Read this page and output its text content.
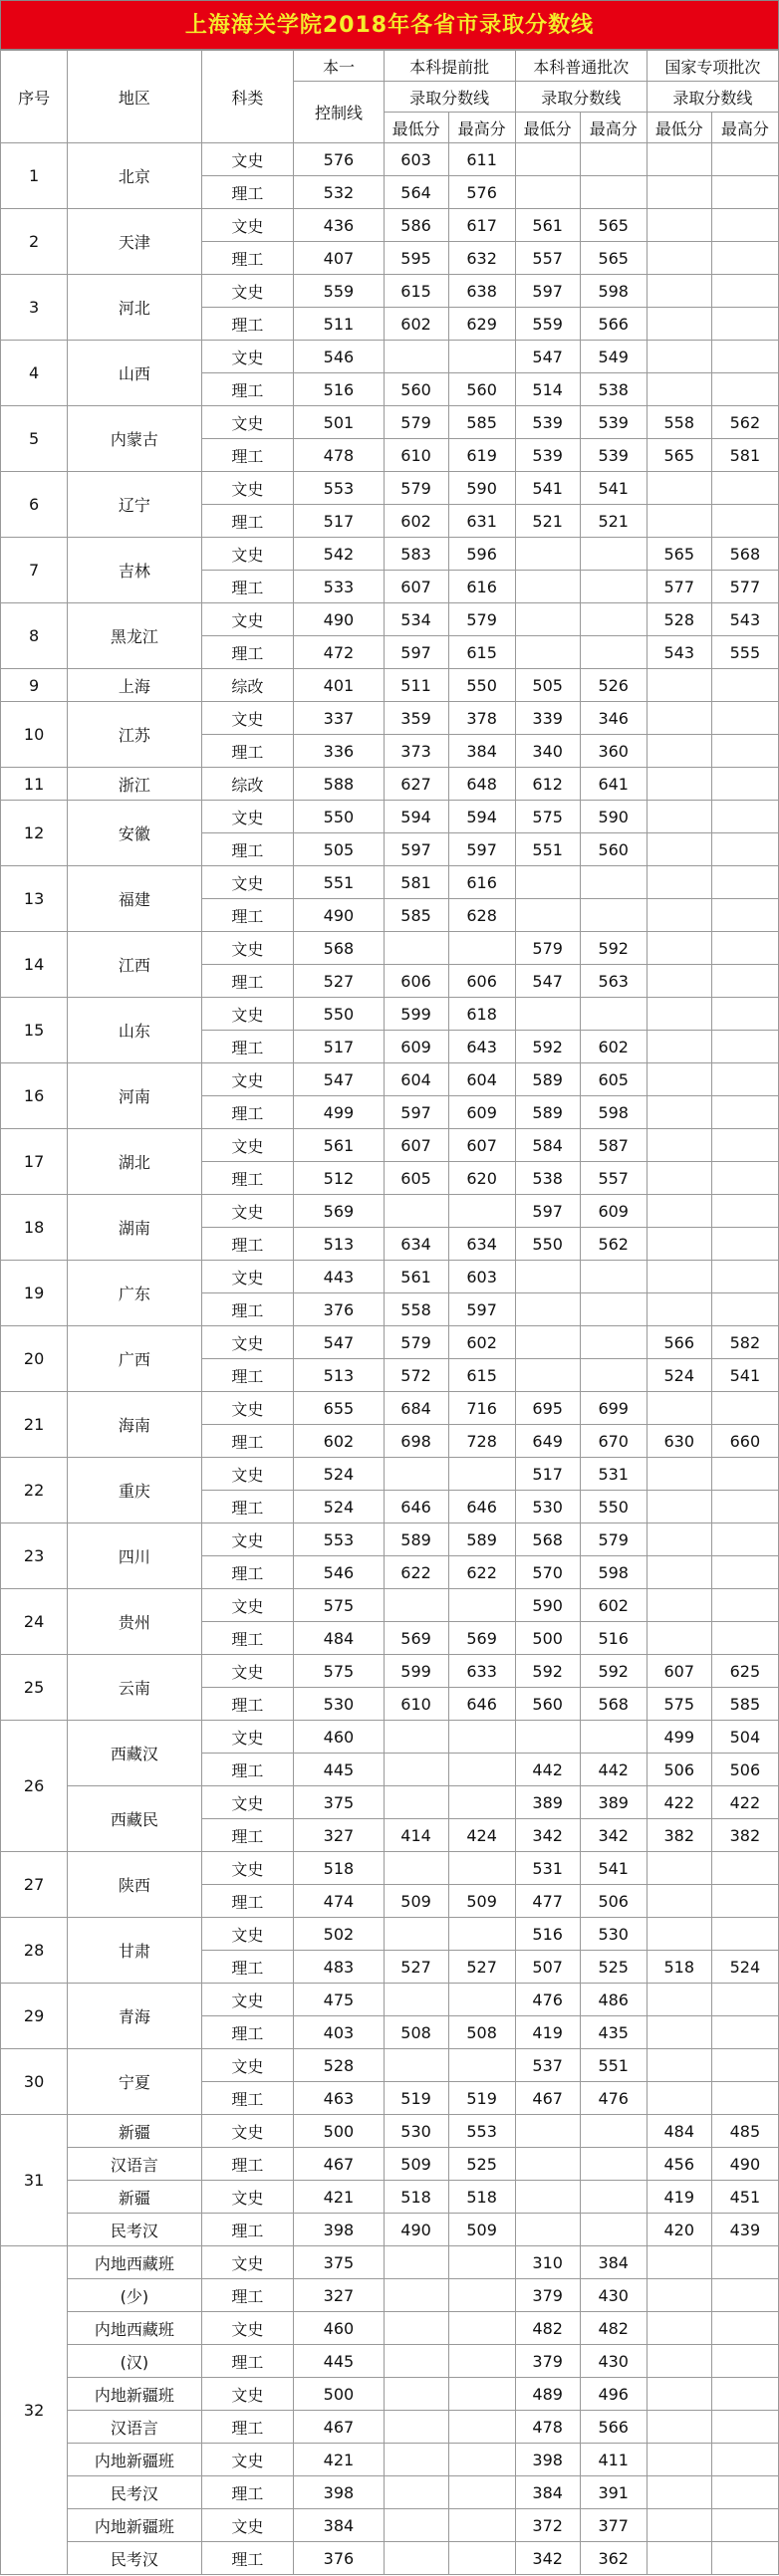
上海海关学院2018年各省市录取分数线
序号	地区	科类	本一	本科提前批		本科普通批次		国家专项批次	
			控制线	录取分数线		录取分数线		录取分数线	
				最低分	最高分	最低分	最高分	最低分	最高分
1	北京	文史	576	603	611				
		理工	532	564	576				
2	天津	文史	436	586	617	561	565		
		理工	407	595	632	557	565		
3	河北	文史	559	615	638	597	598		
		理工	511	602	629	559	566		
4	山西	文史	546			547	549		
		理工	516	560	560	514	538		
5	内蒙古	文史	501	579	585	539	539	558	562
		理工	478	610	619	539	539	565	581
6	辽宁	文史	553	579	590	541	541		
		理工	517	602	631	521	521		
7	吉林	文史	542	583	596			565	568
		理工	533	607	616			577	577
8	黑龙江	文史	490	534	579			528	543
		理工	472	597	615			543	555
9	上海	综改	401	511	550	505	526		
10	江苏	文史	337	359	378	339	346		
		理工	336	373	384	340	360		
11	浙江	综改	588	627	648	612	641		
12	安徽	文史	550	594	594	575	590		
		理工	505	597	597	551	560		
13	福建	文史	551	581	616				
		理工	490	585	628				
14	江西	文史	568			579	592		
		理工	527	606	606	547	563		
15	山东	文史	550	599	618				
		理工	517	609	643	592	602		
16	河南	文史	547	604	604	589	605		
		理工	499	597	609	589	598		
17	湖北	文史	561	607	607	584	587		
		理工	512	605	620	538	557		
18	湖南	文史	569			597	609		
		理工	513	634	634	550	562		
19	广东	文史	443	561	603				
		理工	376	558	597				
20	广西	文史	547	579	602			566	582
		理工	513	572	615			524	541
21	海南	文史	655	684	716	695	699		
		理工	602	698	728	649	670	630	660
22	重庆	文史	524			517	531		
		理工	524	646	646	530	550		
23	四川	文史	553	589	589	568	579		
		理工	546	622	622	570	598		
24	贵州	文史	575			590	602		
		理工	484	569	569	500	516		
25	云南	文史	575	599	633	592	592	607	625
		理工	530	610	646	560	568	575	585
26	西藏汉	文史	460					499	504
		理工	445			442	442	506	506
	西藏民	文史	375			389	389	422	422
		理工	327	414	424	342	342	382	382
27	陕西	文史	518			531	541		
		理工	474	509	509	477	506		
28	甘肃	文史	502			516	530		
		理工	483	527	527	507	525	518	524
29	青海	文史	475			476	486		
		理工	403	508	508	419	435		
30	宁夏	文史	528			537	551		
		理工	463	519	519	467	476		
31	新疆	文史	500	530	553			484	485
	汉语言	理工	467	509	525			456	490
	新疆	文史	421	518	518			419	451
	民考汉	理工	398	490	509			420	439
32	内地西藏班	文史	375			310	384		
	(少)	理工	327			379	430		
	内地西藏班	文史	460			482	482		
	(汉)	理工	445			379	430		
	内地新疆班	文史	500			489	496		
	汉语言	理工	467			478	566		
	内地新疆班	文史	421			398	411		
	民考汉	理工	398			384	391		
	内地新疆班	文史	384			372	377		
	民考汉	理工	376			342	362		
